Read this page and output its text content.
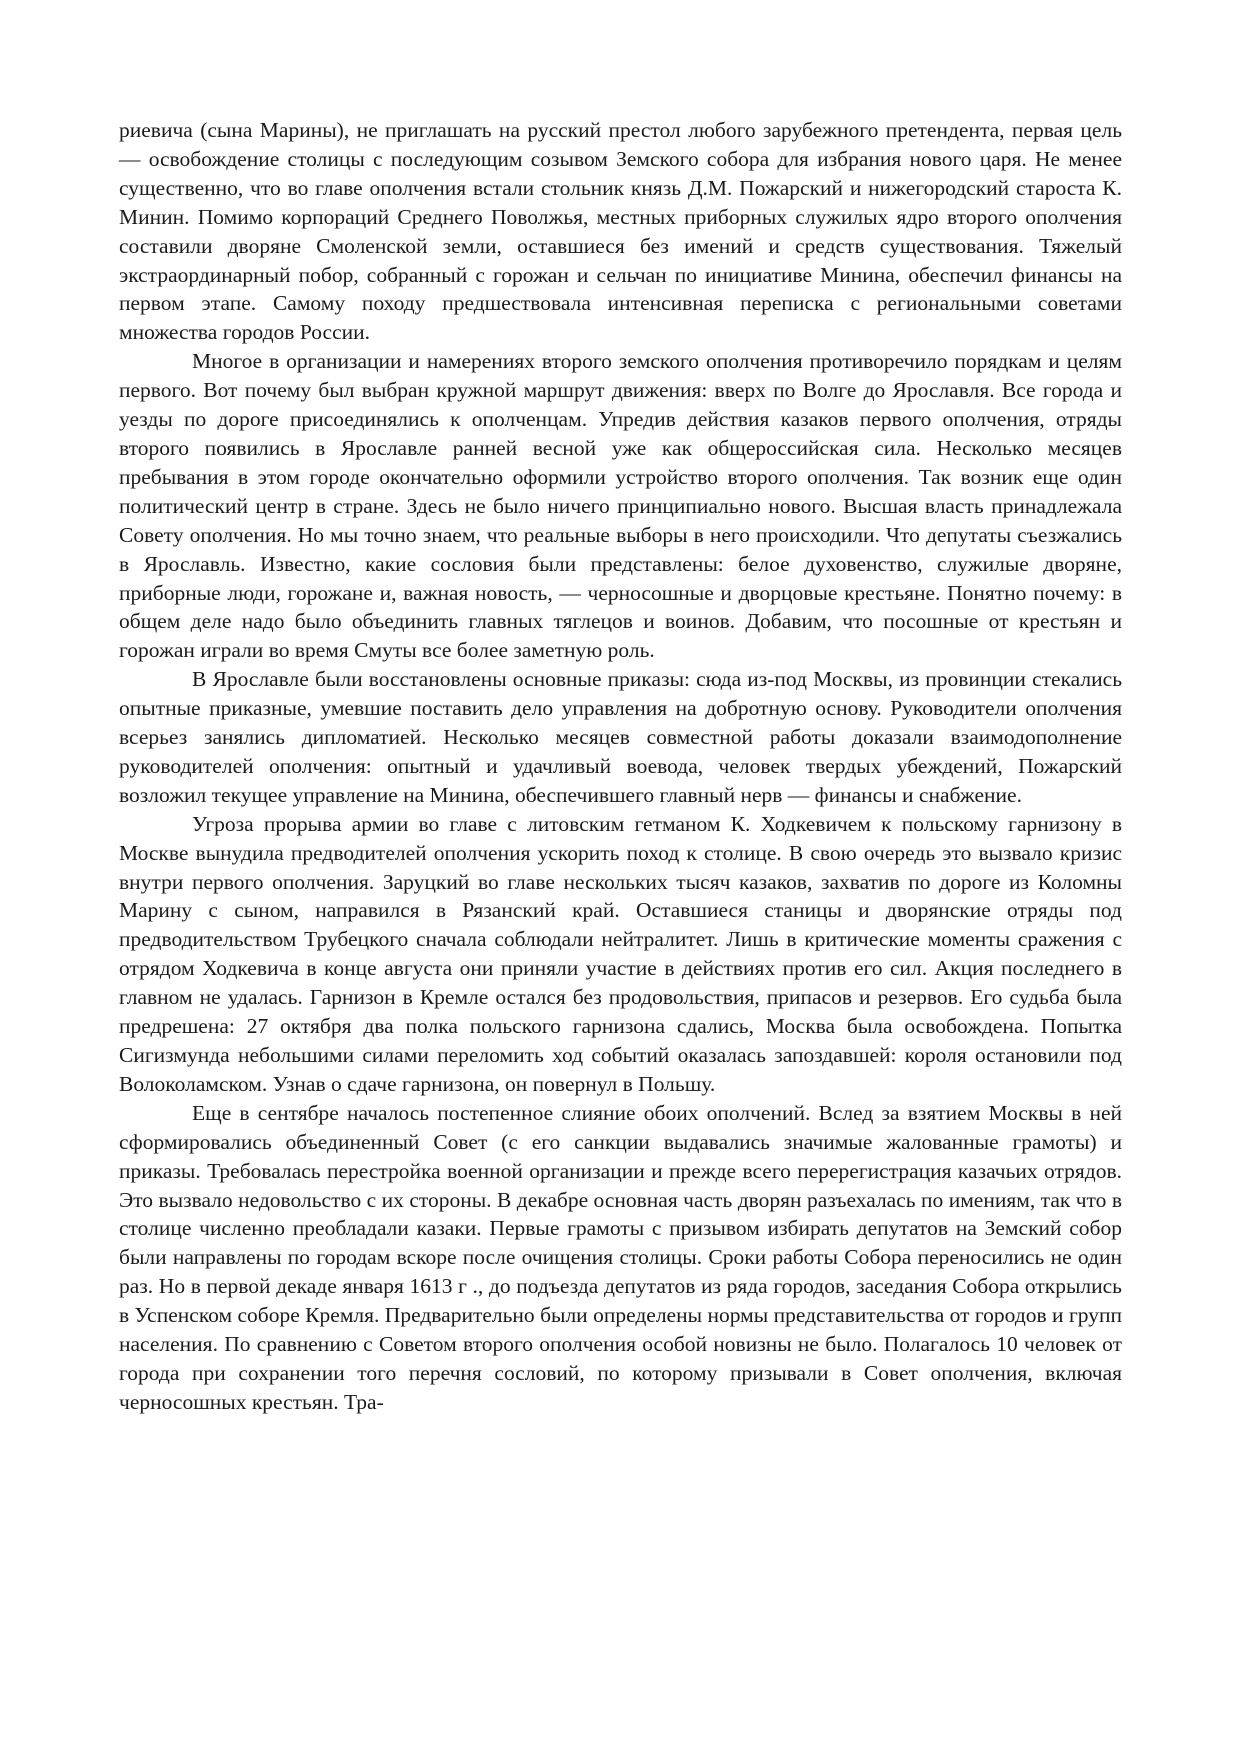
риевича (сына Марины), не приглашать на русский престол любого зарубежного претендента, первая цель — освобождение столицы с последующим созывом Земского собора для избрания нового царя. Не менее существенно, что во главе ополчения встали стольник князь Д.М. Пожарский и нижегородский староста К. Минин. Помимо корпораций Среднего Поволжья, местных приборных служилых ядро второго ополчения составили дворяне Смоленской земли, оставшиеся без имений и средств существования. Тяжелый экстраординарный побор, собранный с горожан и сельчан по инициативе Минина, обеспечил финансы на первом этапе. Самому походу предшествовала интенсивная переписка с региональными советами множества городов России.

Многое в организации и намерениях второго земского ополчения противоречило порядкам и целям первого. Вот почему был выбран кружной маршрут движения: вверх по Волге до Ярославля. Все города и уезды по дороге присоединялись к ополченцам. Упредив действия казаков первого ополчения, отряды второго появились в Ярославле ранней весной уже как общероссийская сила. Несколько месяцев пребывания в этом городе окончательно оформили устройство второго ополчения. Так возник еще один политический центр в стране. Здесь не было ничего принципиально нового. Высшая власть принадлежала Совету ополчения. Но мы точно знаем, что реальные выборы в него происходили. Что депутаты съезжались в Ярославль. Известно, какие сословия были представлены: белое духовенство, служилые дворяне, приборные люди, горожане и, важная новость, — черносошные и дворцовые крестьяне. Понятно почему: в общем деле надо было объединить главных тяглецов и воинов. Добавим, что посошные от крестьян и горожан играли во время Смуты все более заметную роль.

В Ярославле были восстановлены основные приказы: сюда из-под Москвы, из провинции стекались опытные приказные, умевшие поставить дело управления на добротную основу. Руководители ополчения всерьез занялись дипломатией. Несколько месяцев совместной работы доказали взаимодополнение руководителей ополчения: опытный и удачливый воевода, человек твердых убеждений, Пожарский возложил текущее управление на Минина, обеспечившего главный нерв — финансы и снабжение.

Угроза прорыва армии во главе с литовским гетманом К. Ходкевичем к польскому гарнизону в Москве вынудила предводителей ополчения ускорить поход к столице. В свою очередь это вызвало кризис внутри первого ополчения. Заруцкий во главе нескольких тысяч казаков, захватив по дороге из Коломны Марину с сыном, направился в Рязанский край. Оставшиеся станицы и дворянские отряды под предводительством Трубецкого сначала соблюдали нейтралитет. Лишь в критические моменты сражения с отрядом Ходкевича в конце августа они приняли участие в действиях против его сил. Акция последнего в главном не удалась. Гарнизон в Кремле остался без продовольствия, припасов и резервов. Его судьба была предрешена: 27 октября два полка польского гарнизона сдались, Москва была освобождена. Попытка Сигизмунда небольшими силами переломить ход событий оказалась запоздавшей: короля остановили под Волоколамском. Узнав о сдаче гарнизона, он повернул в Польшу.

Еще в сентябре началось постепенное слияние обоих ополчений. Вслед за взятием Москвы в ней сформировались объединенный Совет (с его санкции выдавались значимые жалованные грамоты) и приказы. Требовалась перестройка военной организации и прежде всего перерегистрация казачьих отрядов. Это вызвало недовольство с их стороны. В декабре основная часть дворян разъехалась по имениям, так что в столице численно преобладали казаки. Первые грамоты с призывом избирать депутатов на Земский собор были направлены по городам вскоре после очищения столицы. Сроки работы Собора переносились не один раз. Но в первой декаде января 1613 г ., до подъезда депутатов из ряда городов, заседания Собора открылись в Успенском соборе Кремля. Предварительно были определены нормы представительства от городов и групп населения. По сравнению с Советом второго ополчения особой новизны не было. Полагалось 10 человек от города при сохранении того перечня сословий, по которому призывали в Совет ополчения, включая черносошных крестьян. Тра-
